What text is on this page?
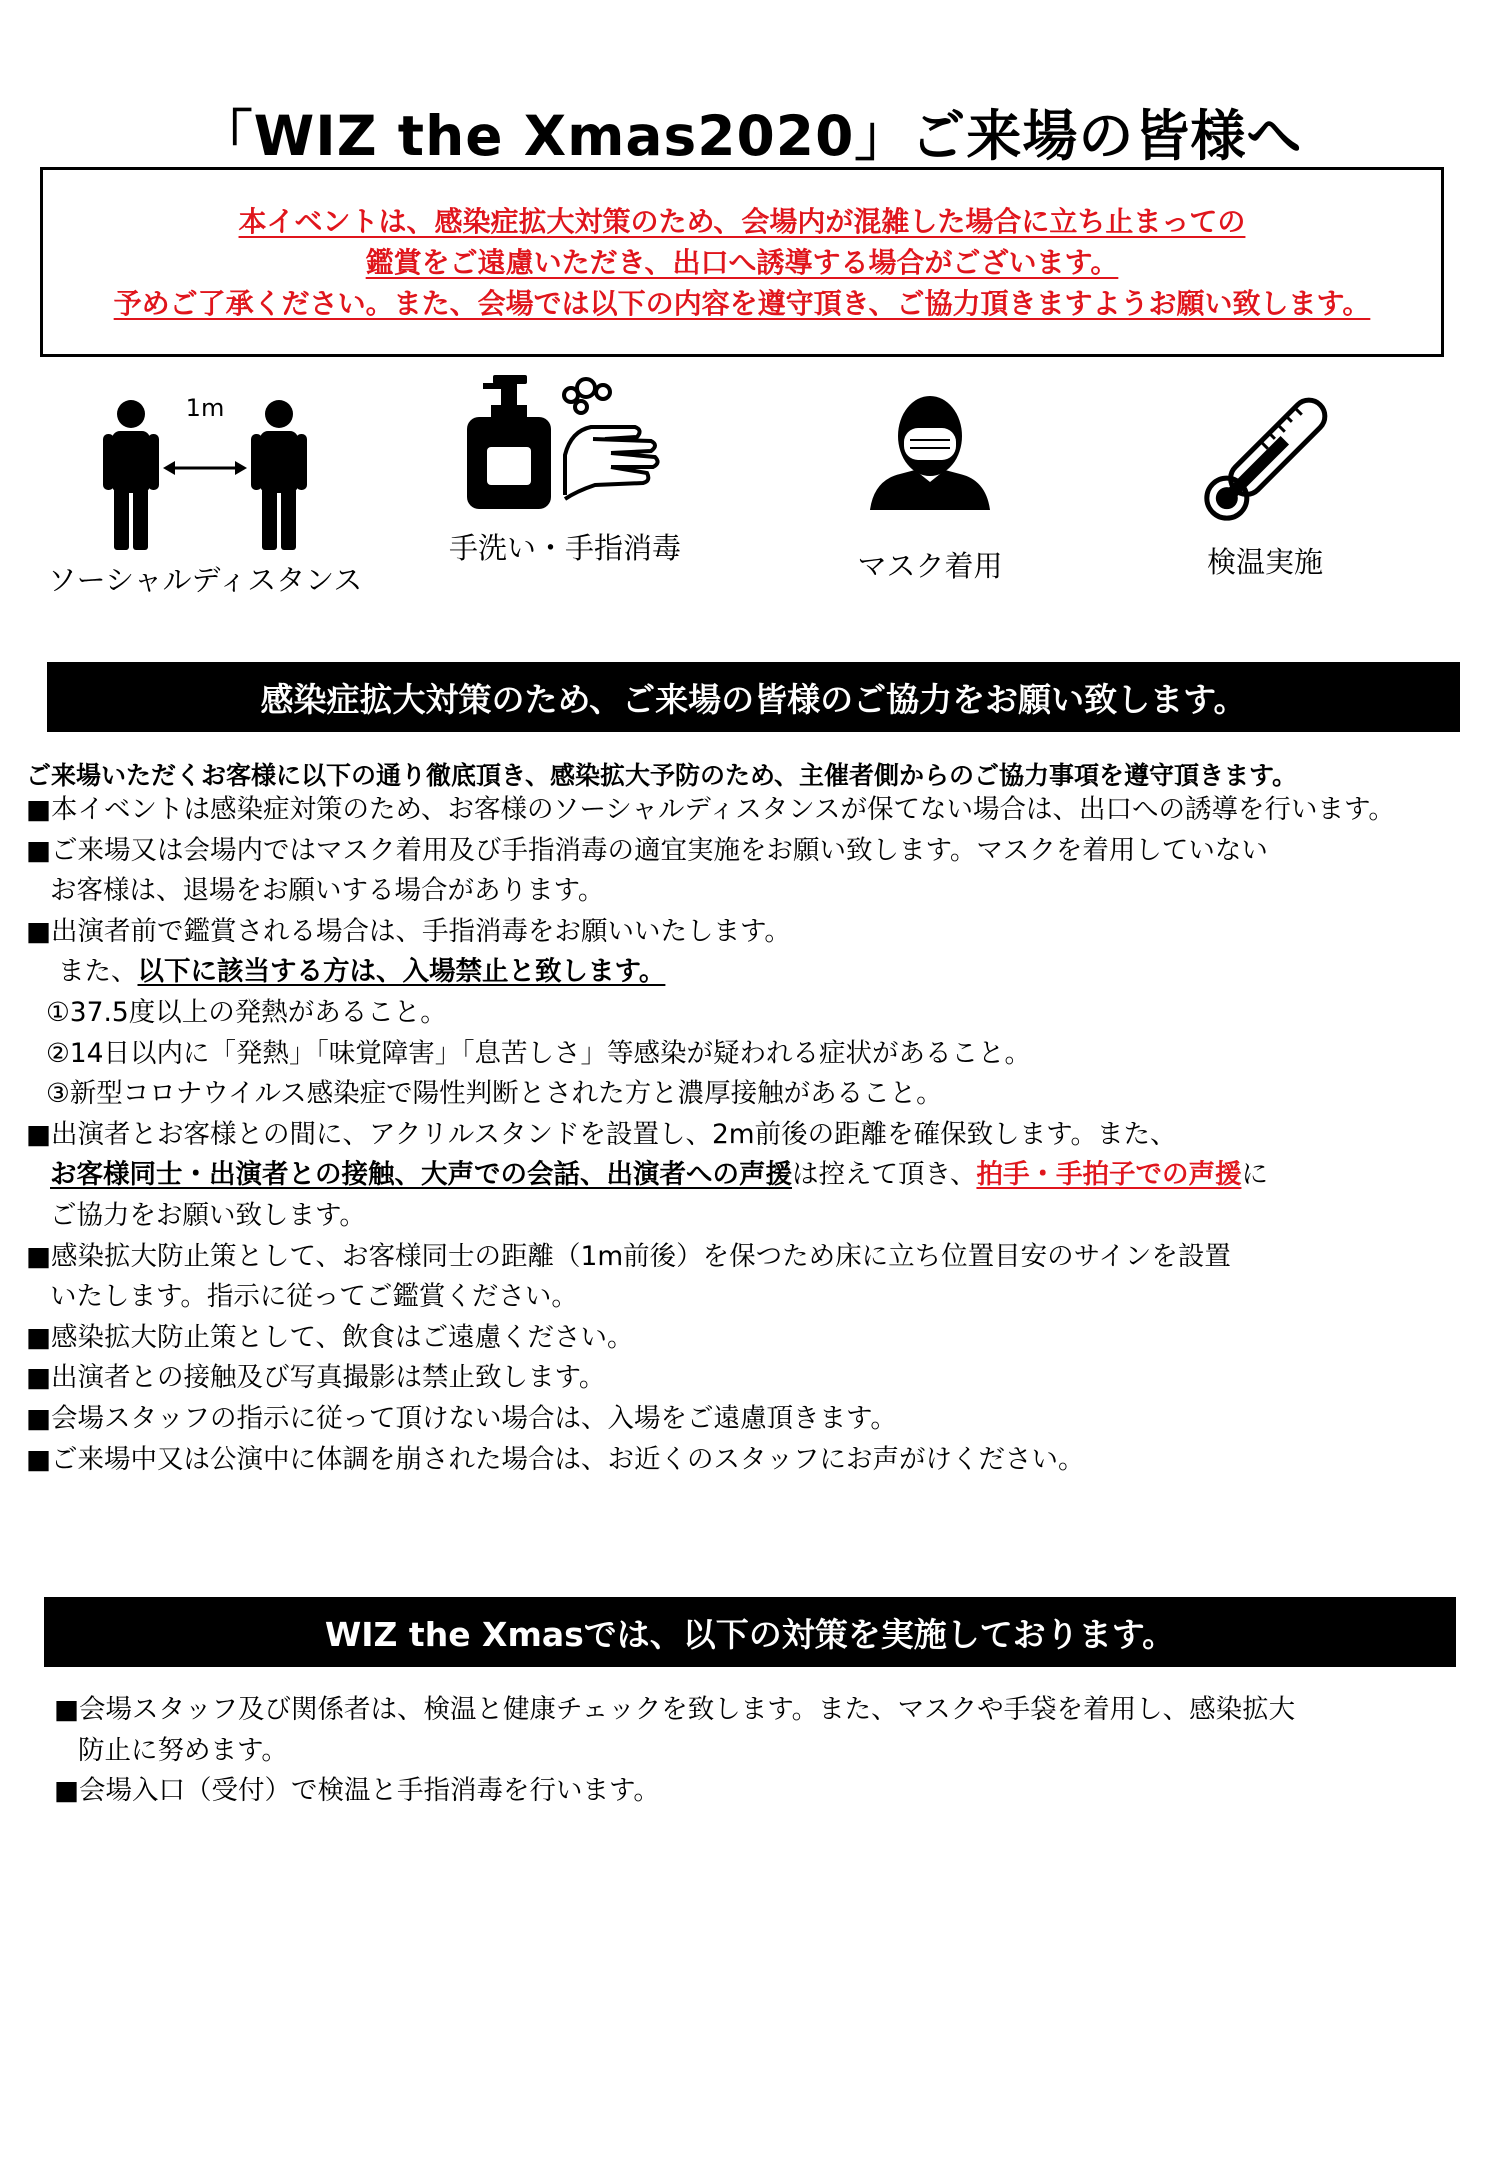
「WIZ the Xmas2020」ご来場の皆様へ
本イベントは、感染症拡大対策のため、会場内が混雑した場合に立ち止まっての
鑑賞をご遠慮いただき、出口へ誘導する場合がございます。
予めご了承ください。また、会場では以下の内容を遵守頂き、ご協力頂きますようお願い致します。
1m
ソーシャルディスタンス
手洗い・手指消毒
マスク着用	検温実施
感染症拡大対策のため、ご来場の皆様のご協力をお願い致します。
ご来場いただくお客様に以下の通り徹底頂き、感染拡大予防のため、主催者側からのご協力事項を遵守頂きます。
■本イベントは感染症対策のため、お客様のソーシャルディスタンスが保てない場合は、出口への誘導を行います。
■ご来場又は会場内ではマスク着用及び手指消毒の適宜実施をお願い致します。マスクを着用していない
お客様は、退場をお願いする場合があります。
■出演者前で鑑賞される場合は、手指消毒をお願いいたします。
また、以下に該当する方は、入場禁止と致します。
①37.5度以上の発熱があること。
②14日以内に「発熱」「味覚障害」「息苦しさ」等感染が疑われる症状があること。
③新型コロナウイルス感染症で陽性判断とされた方と濃厚接触があること。
■出演者とお客様との間に、アクリルスタンドを設置し、2m前後の距離を確保致します。また、
お客様同士・出演者との接触、大声での会話、出演者への声援は控えて頂き、拍手・手拍子での声援に
ご協力をお願い致します。
■感染拡大防止策として、お客様同士の距離（1m前後）を保つため床に立ち位置目安のサインを設置
いたします。指示に従ってご鑑賞ください。
■感染拡大防止策として、飲食はご遠慮ください。
■出演者との接触及び写真撮影は禁止致します。
■会場スタッフの指示に従って頂けない場合は、入場をご遠慮頂きます。
■ご来場中又は公演中に体調を崩された場合は、お近くのスタッフにお声がけください。
WIZ the Xmasでは、以下の対策を実施しております。
■会場スタッフ及び関係者は、検温と健康チェックを致します。また、マスクや手袋を着用し、感染拡大
防止に努めます。
■会場入口（受付）で検温と手指消毒を行います。
